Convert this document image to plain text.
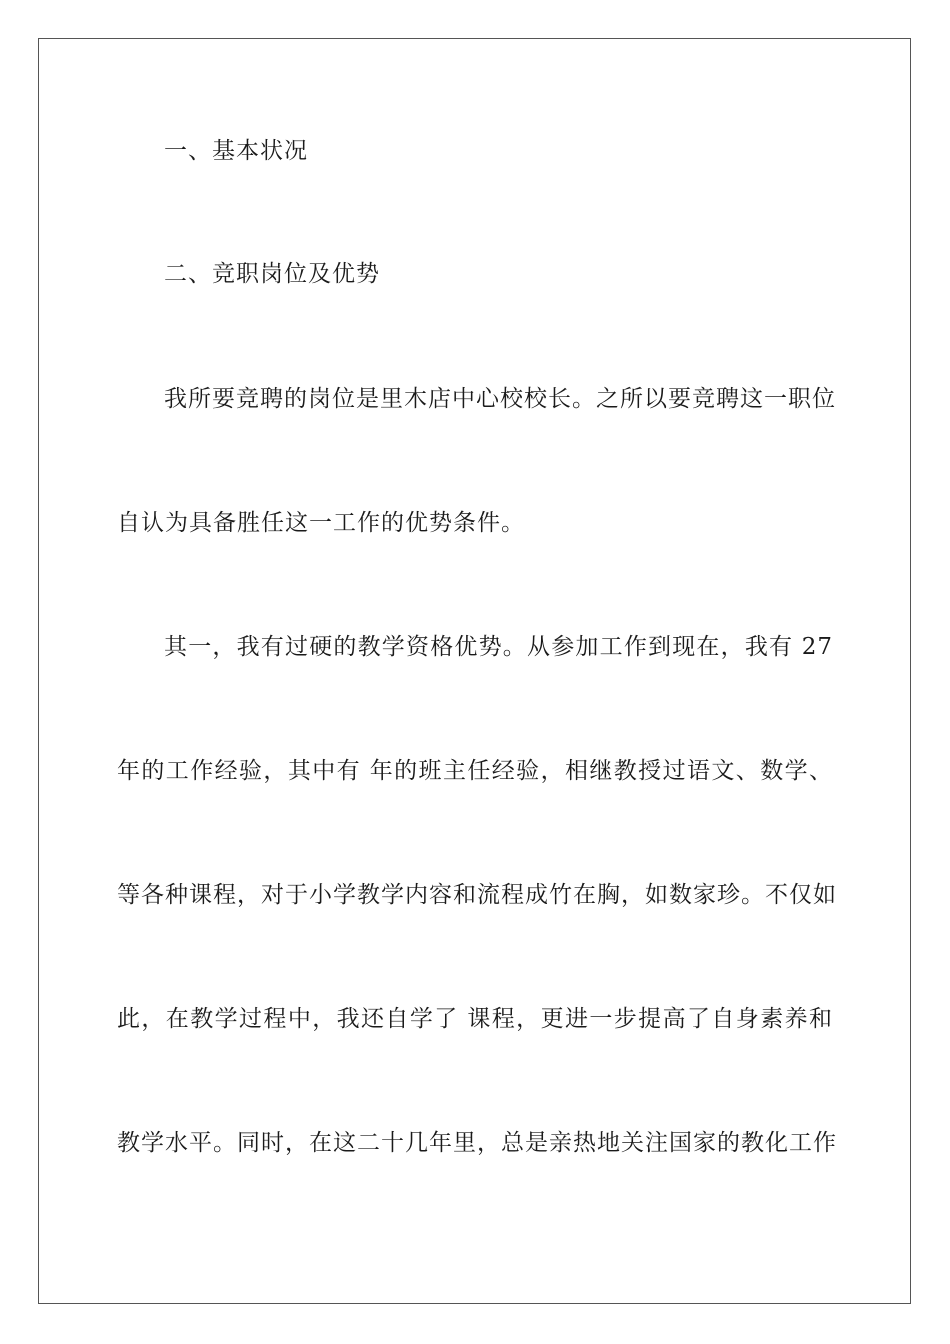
一、基本状况
二、竞职岗位及优势
我所要竞聘的岗位是里木店中心校校长。之所以要竞聘这一职位
自认为具备胜任这一工作的优势条件。
其一，我有过硬的教学资格优势。从参加工作到现在，我有 27
年的工作经验，其中有 年的班主任经验，相继教授过语文、数学、
等各种课程，对于小学教学内容和流程成竹在胸，如数家珍。不仅如
此，在教学过程中，我还自学了 课程，更进一步提高了自身素养和
教学水平。同时，在这二十几年里，总是亲热地关注国家的教化工作
